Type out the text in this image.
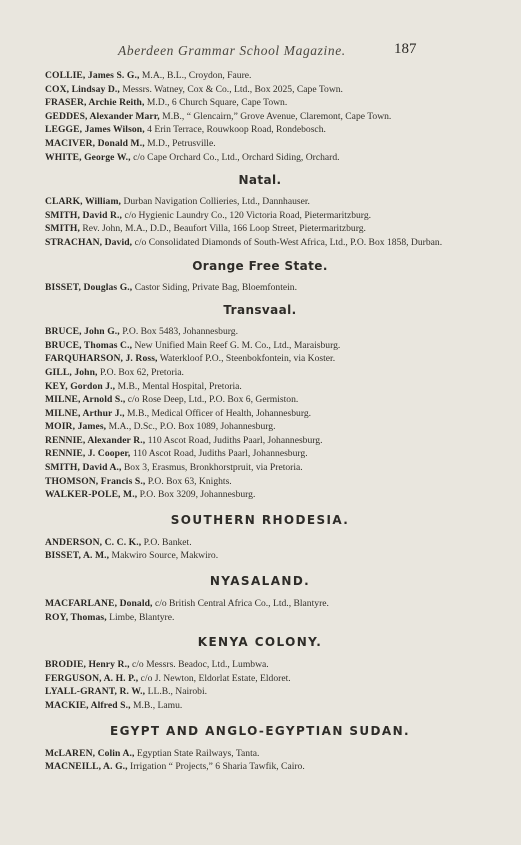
Aberdeen Grammar School Magazine.	187

COLLIE, James S. G., M.A., B.L., Croydon, Faure.

COX, Lindsay D., Messrs. Watney, Cox & Co., Ltd., Box 2025, Cape Town.

FRASER, Archie Reith, M.D., 6 Church Square, Cape Town.

GEDDES, Alexander Marr, M.B., “ Glencairn,” Grove Avenue, Claremont, Cape Town.

LEGGE, James Wilson, 4 Erin Terrace, Rouwkoop Road, Rondebosch.

MACIVER, Donald M., M.D., Petrusville.

WHITE, George W., c/o Cape Orchard Co., Ltd., Orchard Siding, Orchard.

Natal.

CLARK, William, Durban Navigation Collieries, Ltd., Dannhauser.

SMITH, David R., c/o Hygienic Laundry Co., 120 Victoria Road, Pietermaritzburg.

SMITH, Rev. John, M.A., D.D., Beaufort Villa, 166 Loop Street, Pietermaritzburg.

STRACHAN, David, c/o Consolidated Diamonds of South-West Africa, Ltd., P.O. Box 1858, Durban.

Orange Free State.

BISSET, Douglas G., Castor Siding, Private Bag, Bloemfontein.

Transvaal.

BRUCE, John G., P.O. Box 5483, Johannesburg.

BRUCE, Thomas C., New Unified Main Reef G. M. Co., Ltd., Maraisburg.

FARQUHARSON, J. Ross, Waterkloof P.O., Steenbokfontein, via Koster.

GILL, John, P.O. Box 62, Pretoria.

KEY, Gordon J., M.B., Mental Hospital, Pretoria.

MILNE, Arnold S., c/o Rose Deep, Ltd., P.O. Box 6, Germiston.

MILNE, Arthur J., M.B., Medical Officer of Health, Johannesburg.

MOIR, James, M.A., D.Sc., P.O. Box 1089, Johannesburg.

RENNIE, Alexander R., 110 Ascot Road, Judiths Paarl, Johannesburg.

RENNIE, J. Cooper, 110 Ascot Road, Judiths Paarl, Johannesburg.

SMITH, David A., Box 3, Erasmus, Bronkhorstpruit, via Pretoria.

THOMSON, Francis S., P.O. Box 63, Knights.

WALKER-POLE, M., P.O. Box 3209, Johannesburg.

SOUTHERN RHODESIA.

ANDERSON, C. C. K., P.O. Banket.

BISSET, A. M., Makwiro Source, Makwiro.

NYASALAND.

MACFARLANE, Donald, c/o British Central Africa Co., Ltd., Blantyre.

ROY, Thomas, Limbe, Blantyre.

KENYA COLONY.

BRODIE, Henry R., c/o Messrs. Beadoc, Ltd., Lumbwa.

FERGUSON, A. H. P., c/o J. Newton, Eldorlat Estate, Eldoret.

LYALL-GRANT, R. W., LL.B., Nairobi.

MACKIE, Alfred S., M.B., Lamu.

EGYPT AND ANGLO-EGYPTIAN SUDAN.

McLAREN, Colin A., Egyptian State Railways, Tanta.

MACNEILL, A. G., Irrigation “ Projects,” 6 Sharia Tawfik, Cairo.
